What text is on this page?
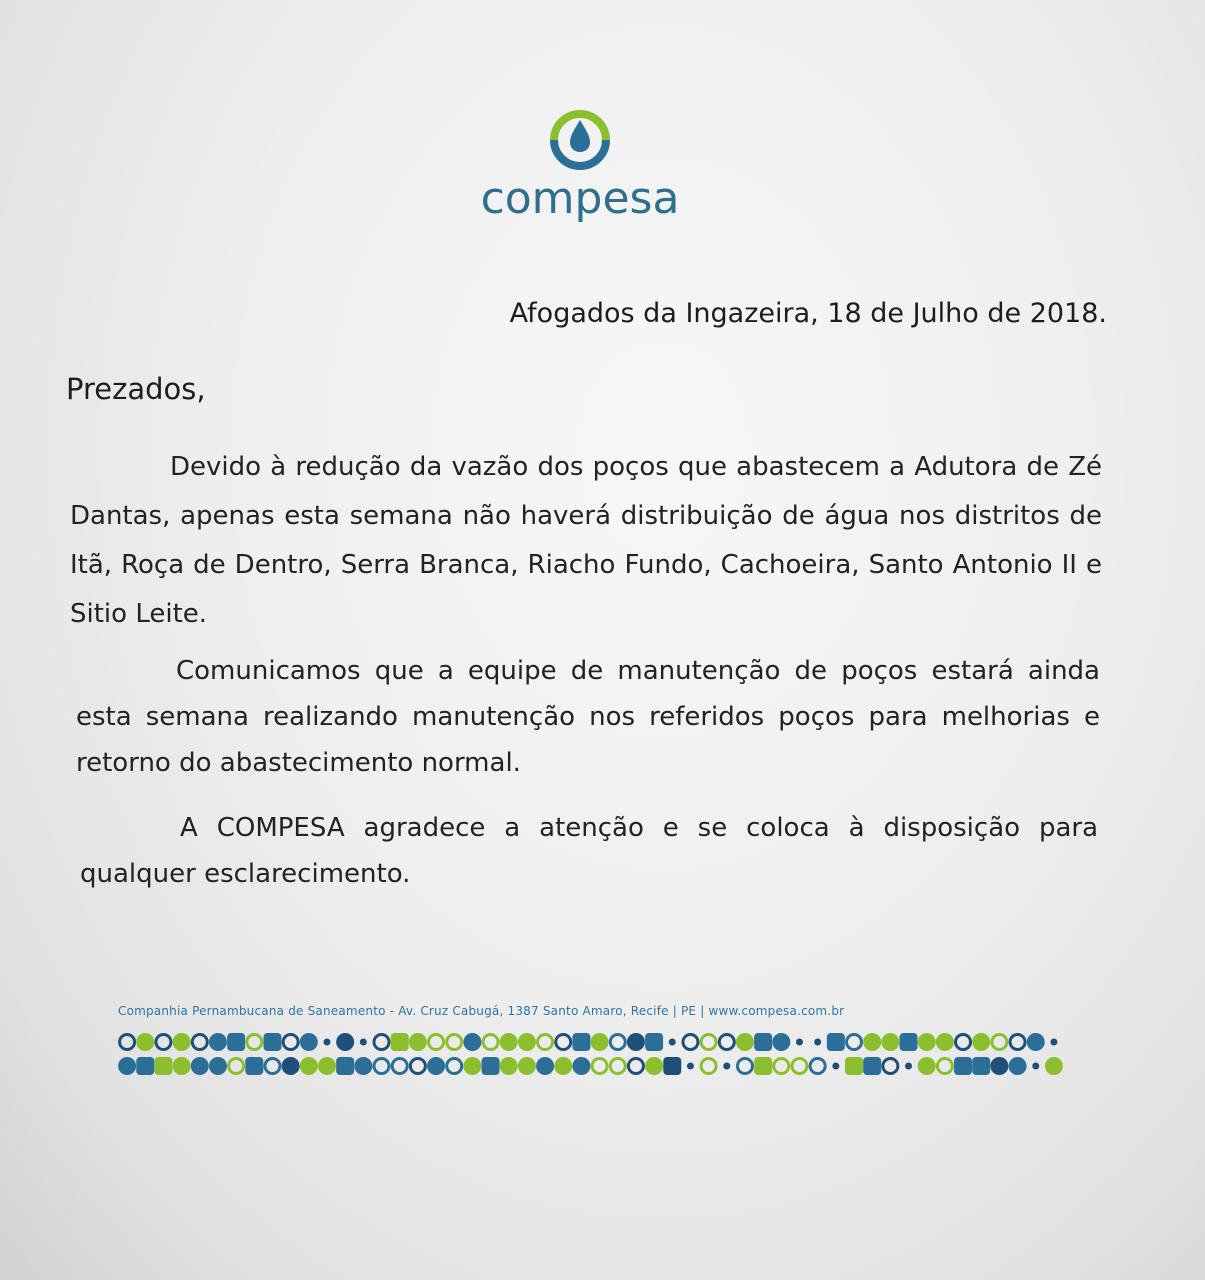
compesa
Afogados da Ingazeira, 18 de Julho de 2018.
Prezados,
Devido à redução da vazão dos poços que abastecem a Adutora de Zé Dantas, apenas esta semana não haverá distribuição de água nos distritos de Itã, Roça de Dentro, Serra Branca, Riacho Fundo, Cachoeira, Santo Antonio II e Sitio Leite.
Comunicamos que a equipe de manutenção de poços estará ainda esta semana realizando manutenção nos referidos poços para melhorias e retorno do abastecimento normal.
A COMPESA agradece a atenção e se coloca à disposição para qualquer esclarecimento.
Companhia Pernambucana de Saneamento - Av. Cruz Cabugá, 1387 Santo Amaro, Recife | PE | www.compesa.com.br
